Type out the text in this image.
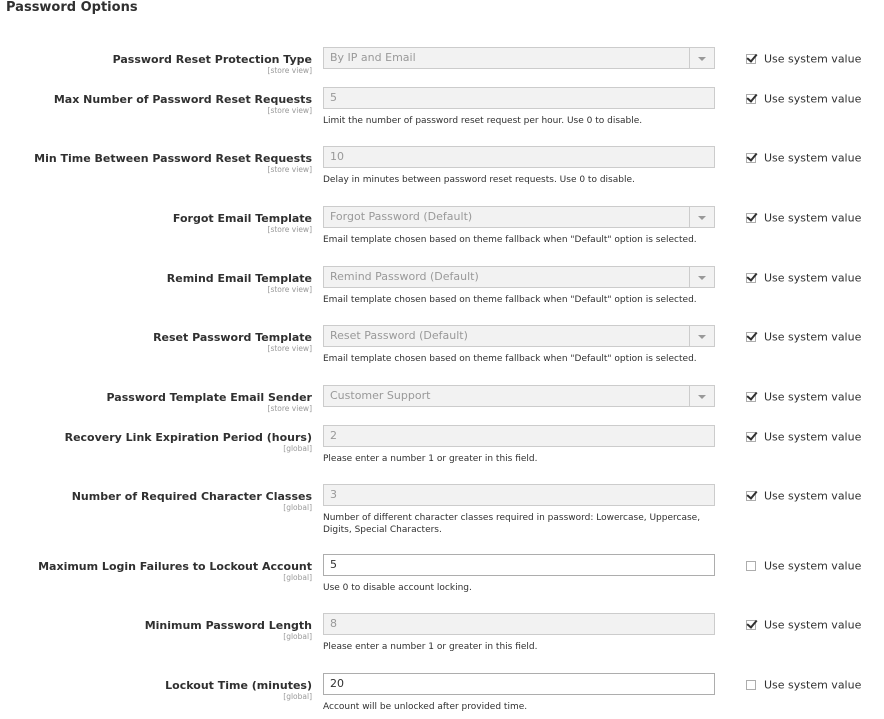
Password Options
Password Reset Protection Type
[store view]
By IP and Email	Use system value
Max Number of Password Reset Requests
[store view]
5
Limit the number of password reset request per hour. Use 0 to disable.
Use system value
Min Time Between Password Reset Requests
[store view]
10
Delay in minutes between password reset requests. Use 0 to disable.
Use system value
Forgot Email Template
[store view]
Forgot Password (Default)
Email template chosen based on theme fallback when "Default" option is selected.
Use system value
Remind Email Template
[store view]
Remind Password (Default)
Email template chosen based on theme fallback when "Default" option is selected.
Use system value
Reset Password Template
[store view]
Reset Password (Default)
Email template chosen based on theme fallback when "Default" option is selected.
Use system value
Password Template Email Sender
[store view]
Customer Support	Use system value
Recovery Link Expiration Period (hours)
[global]
2
Please enter a number 1 or greater in this field.
Use system value
Number of Required Character Classes
[global]
3
Number of different character classes required in password: Lowercase, Uppercase, Digits, Special Characters.
Use system value
Maximum Login Failures to Lockout Account
[global]
5
Use 0 to disable account locking.
Use system value
Minimum Password Length
[global]
8
Please enter a number 1 or greater in this field.
Use system value
Lockout Time (minutes)
[global]
20
Account will be unlocked after provided time.
Use system value
